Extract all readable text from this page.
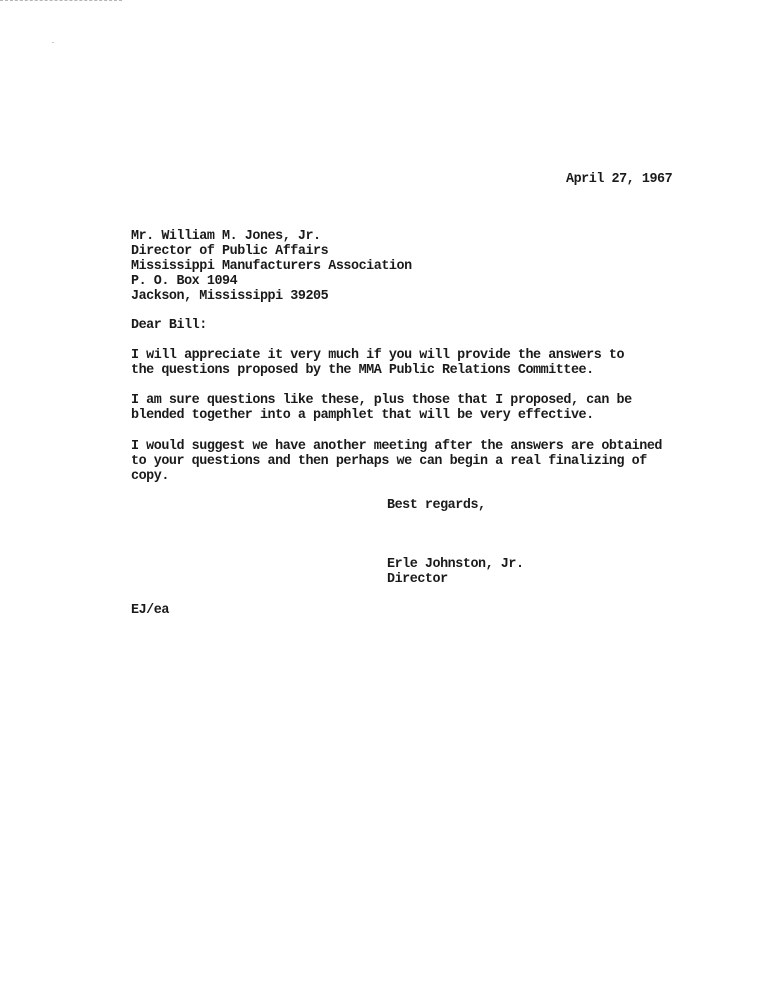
April 27, 1967
Mr. William M. Jones, Jr.
Director of Public Affairs
Mississippi Manufacturers Association
P. O. Box 1094
Jackson, Mississippi 39205
Dear Bill:
I will appreciate it very much if you will provide the answers to
the questions proposed by the MMA Public Relations Committee.
I am sure questions like these, plus those that I proposed, can be
blended together into a pamphlet that will be very effective.
I would suggest we have another meeting after the answers are obtained
to your questions and then perhaps we can begin a real finalizing of
copy.
Best regards,
Erle Johnston, Jr.
Director
EJ/ea
